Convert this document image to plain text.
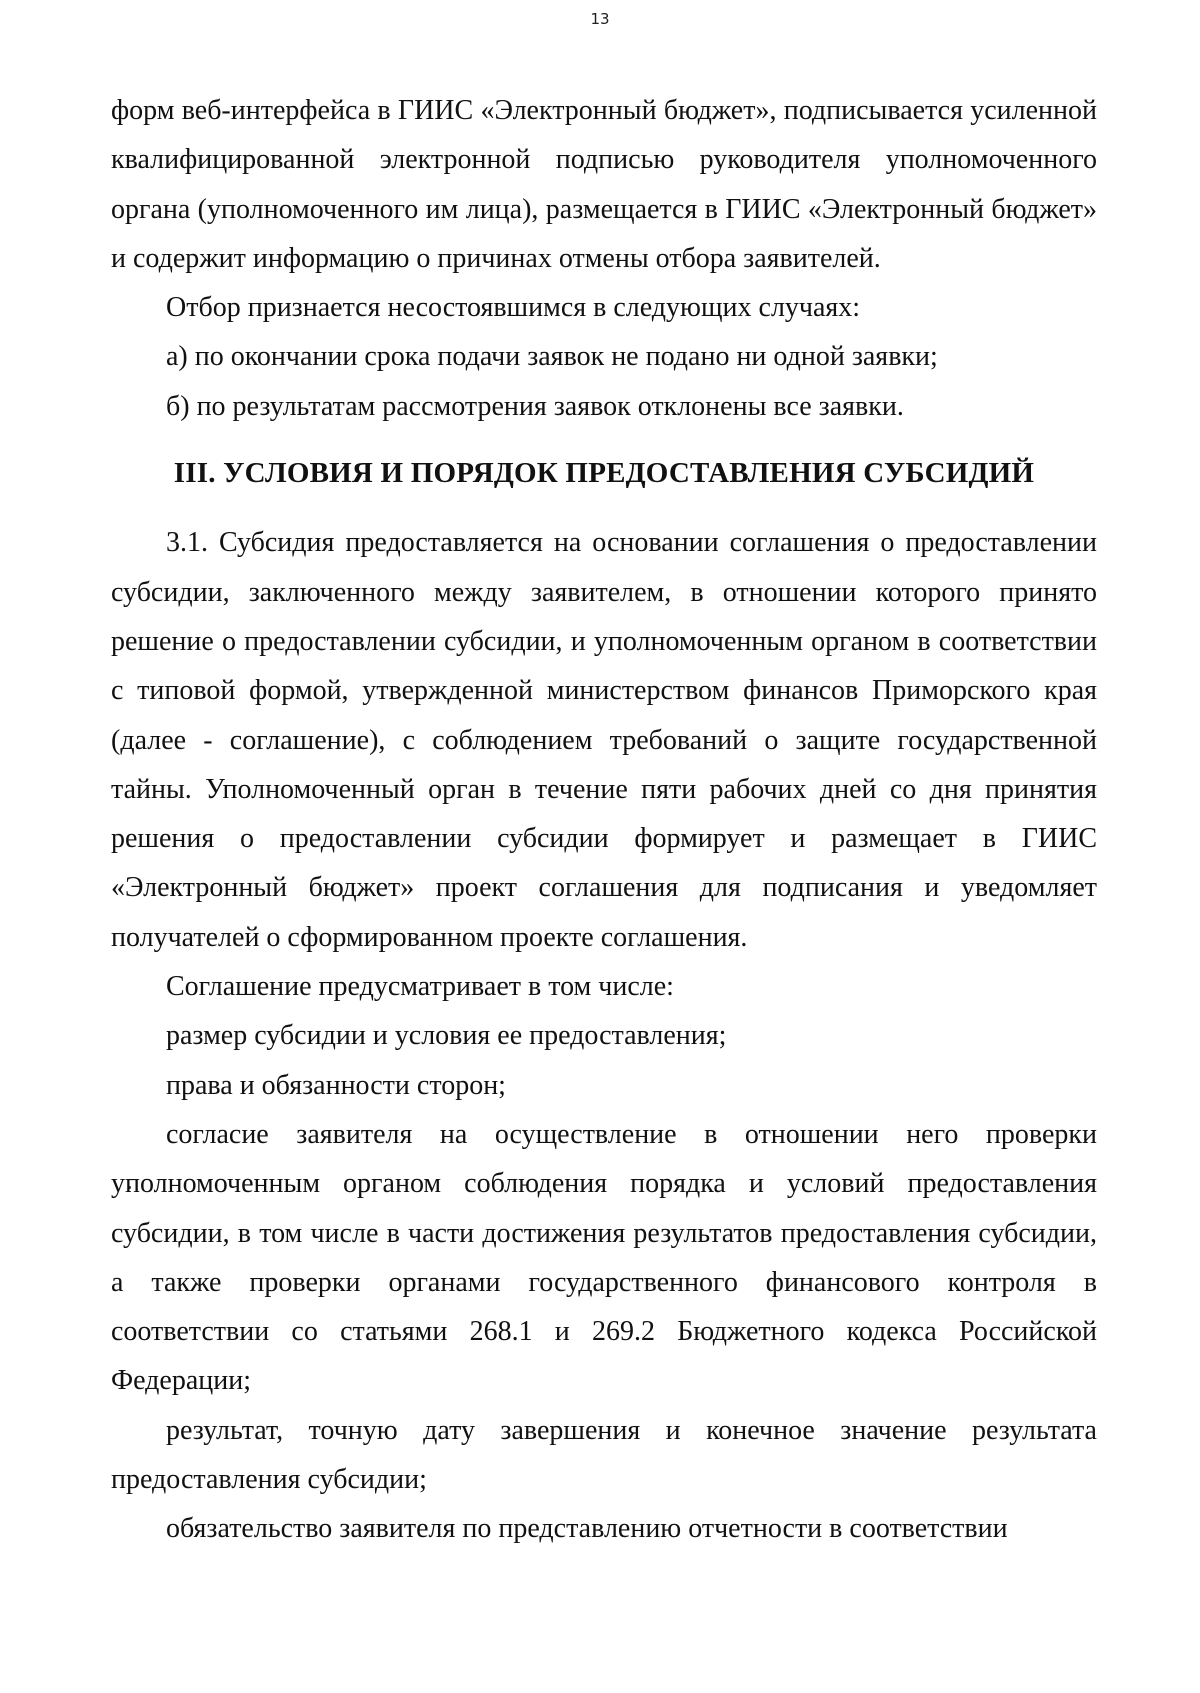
13

форм веб-интерфейса в ГИИС «Электронный бюджет», подписывается усиленной квалифицированной электронной подписью руководителя уполномоченного органа (уполномоченного им лица), размещается в ГИИС «Электронный бюджет» и содержит информацию о причинах отмены отбора заявителей.

Отбор признается несостоявшимся в следующих случаях:

а) по окончании срока подачи заявок не подано ни одной заявки;

б) по результатам рассмотрения заявок отклонены все заявки.

III. УСЛОВИЯ И ПОРЯДОК ПРЕДОСТАВЛЕНИЯ СУБСИДИЙ

3.1. Субсидия предоставляется на основании соглашения о предоставлении субсидии, заключенного между заявителем, в отношении которого принято решение о предоставлении субсидии, и уполномоченным органом в соответствии с типовой формой, утвержденной министерством финансов Приморского края (далее - соглашение), с соблюдением требований о защите государственной тайны. Уполномоченный орган в течение пяти рабочих дней со дня принятия решения о предоставлении субсидии формирует и размещает в ГИИС «Электронный бюджет» проект соглашения для подписания и уведомляет получателей о сформированном проекте соглашения.

Соглашение предусматривает в том числе:

размер субсидии и условия ее предоставления;

права и обязанности сторон;

согласие заявителя на осуществление в отношении него проверки уполномоченным органом соблюдения порядка и условий предоставления субсидии, в том числе в части достижения результатов предоставления субсидии, а также проверки органами государственного финансового контроля в соответствии со статьями 268.1 и 269.2 Бюджетного кодекса Российской Федерации;

результат, точную дату завершения и конечное значение результата предоставления субсидии;

обязательство заявителя по представлению отчетности в соответствии
